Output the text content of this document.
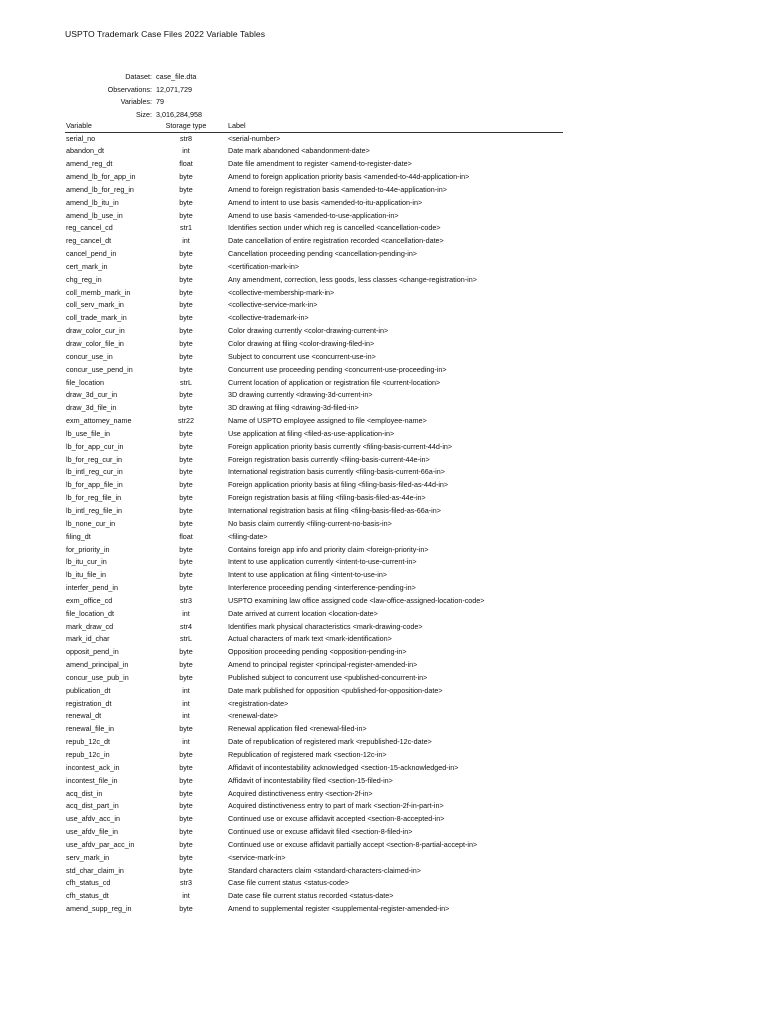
USPTO Trademark Case Files 2022 Variable Tables
Dataset: case_file.dta
Observations: 12,071,729
Variables: 79
Size: 3,016,284,958
Variable	Storage type	Label
serial_no	str8	<serial-number>
abandon_dt	int	Date mark abandoned <abandonment-date>
amend_reg_dt	float	Date file amendment to register <amend-to-register-date>
amend_lb_for_app_in	byte	Amend to foreign application priority basis <amended-to-44d-application-in>
amend_lb_for_reg_in	byte	Amend to foreign registration basis <amended-to-44e-application-in>
amend_lb_itu_in	byte	Amend to intent to use basis <amended-to-itu-application-in>
amend_lb_use_in	byte	Amend to use basis <amended-to-use-application-in>
reg_cancel_cd	str1	Identifies section under which reg is cancelled <cancellation-code>
reg_cancel_dt	int	Date cancellation of entire registration recorded <cancellation-date>
cancel_pend_in	byte	Cancellation proceeding pending <cancellation-pending-in>
cert_mark_in	byte	<certification-mark-in>
chg_reg_in	byte	Any amendment, correction, less goods, less classes <change-registration-in>
coll_memb_mark_in	byte	<collective-membership-mark-in>
coll_serv_mark_in	byte	<collective-service-mark-in>
coll_trade_mark_in	byte	<collective-trademark-in>
draw_color_cur_in	byte	Color drawing currently <color-drawing-current-in>
draw_color_file_in	byte	Color drawing at filing <color-drawing-filed-in>
concur_use_in	byte	Subject to concurrent use <concurrent-use-in>
concur_use_pend_in	byte	Concurrent use proceeding pending <concurrent-use-proceeding-in>
file_location	strL	Current location of application or registration file <current-location>
draw_3d_cur_in	byte	3D drawing currently <drawing-3d-current-in>
draw_3d_file_in	byte	3D drawing at filing <drawing-3d-filed-in>
exm_attorney_name	str22	Name of USPTO employee assigned to file <employee-name>
lb_use_file_in	byte	Use application at filing <filed-as-use-application-in>
lb_for_app_cur_in	byte	Foreign application priority basis currently <filing-basis-current-44d-in>
lb_for_reg_cur_in	byte	Foreign registration basis currently <filing-basis-current-44e-in>
lb_intl_reg_cur_in	byte	International registration basis currently <filing-basis-current-66a-in>
lb_for_app_file_in	byte	Foreign application priority basis at filing <filing-basis-filed-as-44d-in>
lb_for_reg_file_in	byte	Foreign registration basis at filing <filing-basis-filed-as-44e-in>
lb_intl_reg_file_in	byte	International registration basis at filing <filing-basis-filed-as-66a-in>
lb_none_cur_in	byte	No basis claim currently <filing-current-no-basis-in>
filing_dt	float	<filing-date>
for_priority_in	byte	Contains foreign app info and priority claim <foreign-priority-in>
lb_itu_cur_in	byte	Intent to use application currently <intent-to-use-current-in>
lb_itu_file_in	byte	Intent to use application at filing <intent-to-use-in>
interfer_pend_in	byte	Interference proceeding pending <interference-pending-in>
exm_office_cd	str3	USPTO examining law office assigned code <law-office-assigned-location-code>
file_location_dt	int	Date arrived at current location <location-date>
mark_draw_cd	str4	Identifies mark physical characteristics <mark-drawing-code>
mark_id_char	strL	Actual characters of mark text <mark-identification>
opposit_pend_in	byte	Opposition proceeding pending <opposition-pending-in>
amend_principal_in	byte	Amend to principal register <principal-register-amended-in>
concur_use_pub_in	byte	Published subject to concurrent use <published-concurrent-in>
publication_dt	int	Date mark published for opposition <published-for-opposition-date>
registration_dt	int	<registration-date>
renewal_dt	int	<renewal-date>
renewal_file_in	byte	Renewal application filed <renewal-filed-in>
repub_12c_dt	int	Date of republication of registered mark <republished-12c-date>
repub_12c_in	byte	Republication of registered mark <section-12c-in>
incontest_ack_in	byte	Affidavit of incontestability acknowledged <section-15-acknowledged-in>
incontest_file_in	byte	Affidavit of incontestability filed <section-15-filed-in>
acq_dist_in	byte	Acquired distinctiveness entry <section-2f-in>
acq_dist_part_in	byte	Acquired distinctiveness entry to part of mark <section-2f-in-part-in>
use_afdv_acc_in	byte	Continued use or excuse affidavit accepted <section-8-accepted-in>
use_afdv_file_in	byte	Continued use or excuse affidavit filed <section-8-filed-in>
use_afdv_par_acc_in	byte	Continued use or excuse affidavit partially accept <section-8-partial-accept-in>
serv_mark_in	byte	<service-mark-in>
std_char_claim_in	byte	Standard characters claim <standard-characters-claimed-in>
cfh_status_cd	str3	Case file current status <status-code>
cfh_status_dt	int	Date case file current status recorded <status-date>
amend_supp_reg_in	byte	Amend to supplemental register <supplemental-register-amended-in>
